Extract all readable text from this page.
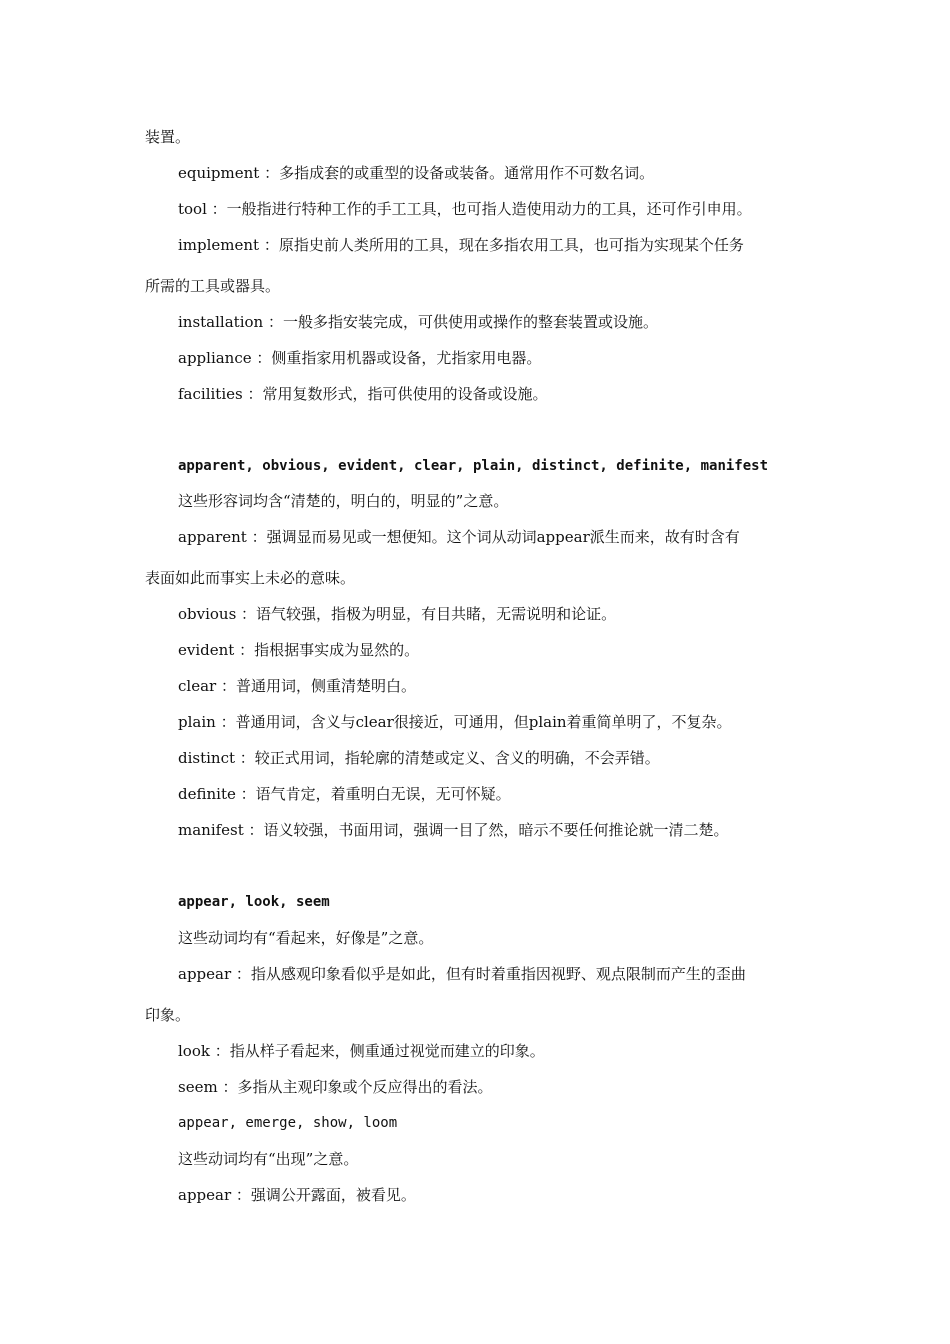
装置。
equipment ：多指成套的或重型的设备或装备。通常用作不可数名词。
tool ：一般指进行特种工作的手工工具，也可指人造使用动力的工具，还可作引申用。
implement ：原指史前人类所用的工具，现在多指农用工具，也可指为实现某个任务
所需的工具或器具。
installation ：一般多指安装完成，可供使用或操作的整套装置或设施。
appliance ：侧重指家用机器或设备，尤指家用电器。
facilities ：常用复数形式，指可供使用的设备或设施。
apparent, obvious, evident, clear, plain, distinct, definite, manifest
这些形容词均含“清楚的，明白的，明显的”之意。
apparent ：强调显而易见或一想便知。这个词从动词appear派生而来，故有时含有
表面如此而事实上未必的意味。
obvious ：语气较强，指极为明显，有目共睹，无需说明和论证。
evident ：指根据事实成为显然的。
clear ：普通用词，侧重清楚明白。
plain ：普通用词，含义与clear很接近，可通用，但plain着重简单明了，不复杂。
distinct ：较正式用词，指轮廓的清楚或定义、含义的明确，不会弄错。
definite ：语气肯定，着重明白无误，无可怀疑。
manifest ：语义较强，书面用词，强调一目了然，暗示不要任何推论就一清二楚。
appear, look, seem
这些动词均有“看起来，好像是”之意。
appear ：指从感观印象看似乎是如此，但有时着重指因视野、观点限制而产生的歪曲
印象。
look ：指从样子看起来，侧重通过视觉而建立的印象。
seem ：多指从主观印象或个反应得出的看法。
appear, emerge, show, loom
这些动词均有“出现”之意。
appear ：强调公开露面，被看见。
